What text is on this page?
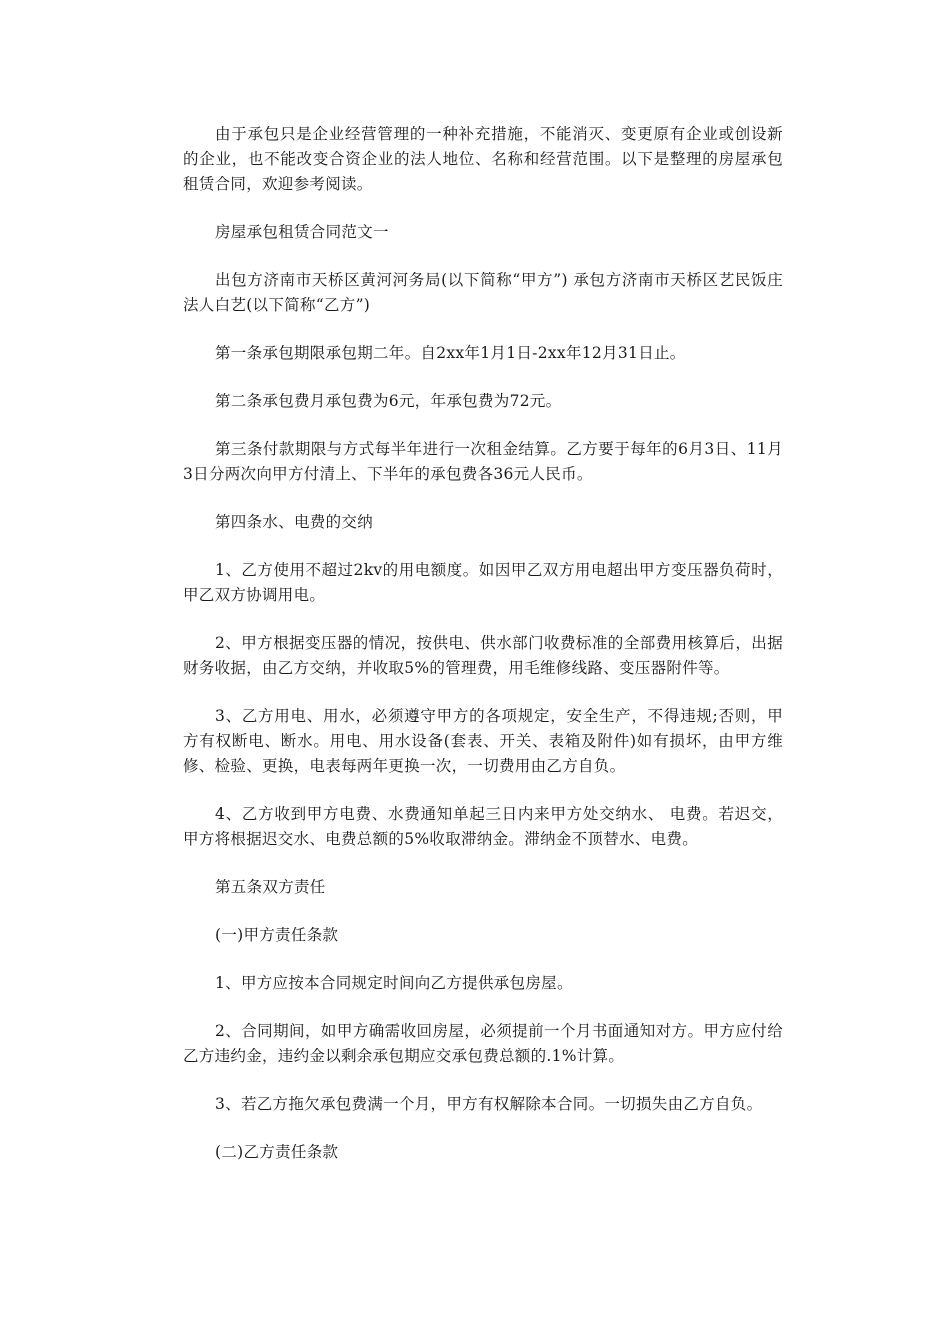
由于承包只是企业经营管理的一种补充措施，不能消灭、变更原有企业或创设新的企业，也不能改变合资企业的法人地位、名称和经营范围。以下是整理的房屋承包租赁合同，欢迎参考阅读。

房屋承包租赁合同范文一

出包方济南市天桥区黄河河务局(以下简称“甲方”) 承包方济南市天桥区艺民饭庄 法人白艺(以下简称“乙方”)

第一条承包期限承包期二年。自2xx年1月1日-2xx年12月31日止。

第二条承包费月承包费为6元，年承包费为72元。

第三条付款期限与方式每半年进行一次租金结算。乙方要于每年的6月3日、11月3日分两次向甲方付清上、下半年的承包费各36元人民币。

第四条水、电费的交纳

1、乙方使用不超过2kv的用电额度。如因甲乙双方用电超出甲方变压器负荷时，甲乙双方协调用电。

2、甲方根据变压器的情况，按供电、供水部门收费标准的全部费用核算后，出据财务收据，由乙方交纳，并收取5%的管理费，用毛维修线路、变压器附件等。

3、乙方用电、用水，必须遵守甲方的各项规定，安全生产，不得违规;否则，甲方有权断电、断水。用电、用水设备(套表、开关、表箱及附件)如有损坏，由甲方维修、检验、更换，电表每两年更换一次，一切费用由乙方自负。

4、乙方收到甲方电费、水费通知单起三日内来甲方处交纳水、 电费。若迟交，甲方将根据迟交水、电费总额的5%收取滞纳金。滞纳金不顶替水、电费。

第五条双方责任

(一)甲方责任条款

1、甲方应按本合同规定时间向乙方提供承包房屋。

2、合同期间，如甲方确需收回房屋，必须提前一个月书面通知对方。甲方应付给乙方违约金，违约金以剩余承包期应交承包费总额的.1%计算。

3、若乙方拖欠承包费满一个月，甲方有权解除本合同。一切损失由乙方自负。

(二)乙方责任条款
